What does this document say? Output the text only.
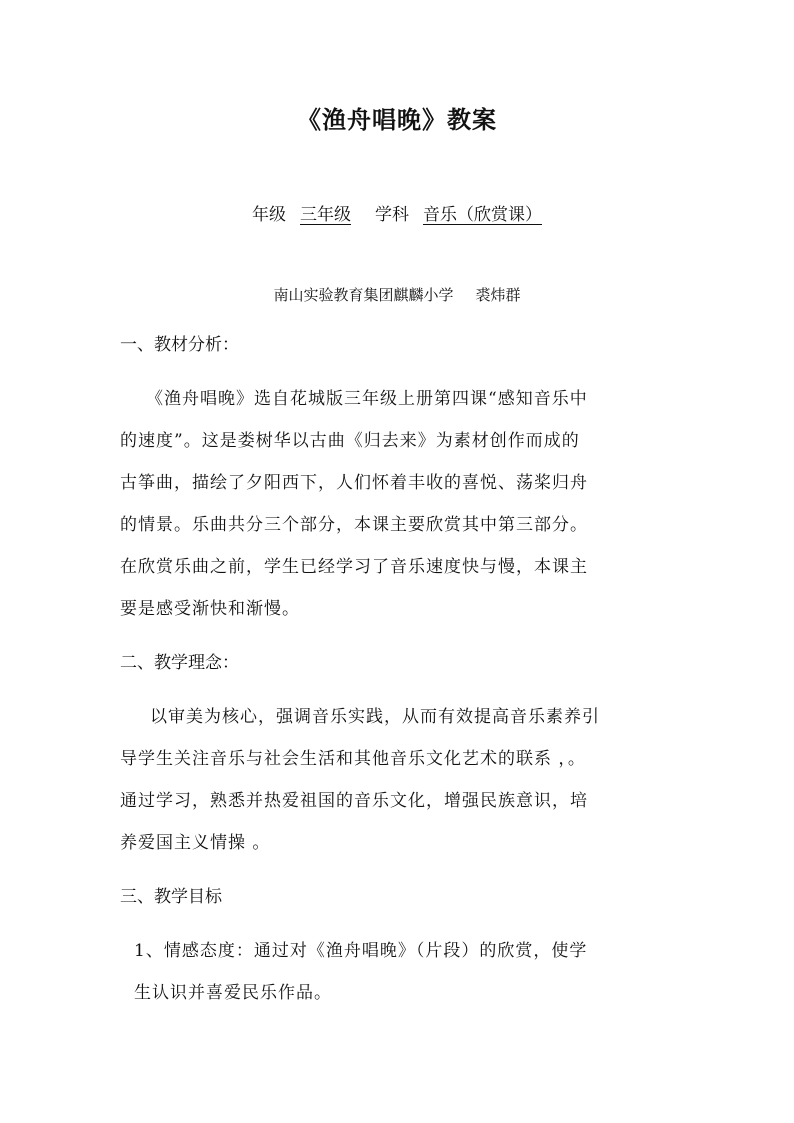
《渔舟唱晚》教案
年级 三年级 学科 音乐（欣赏课）
南山实验教育集团麒麟小学 裘炜群
一、教材分析：
《渔舟唱晚》选自花城版三年级上册第四课“感知音乐中
的速度”。这是娄树华以古曲《归去来》为素材创作而成的
古筝曲，描绘了夕阳西下，人们怀着丰收的喜悦、荡桨归舟
的情景。乐曲共分三个部分，本课主要欣赏其中第三部分。
在欣赏乐曲之前，学生已经学习了音乐速度快与慢，本课主
要是感受渐快和渐慢。
二、教学理念：
以审美为核心，强调音乐实践，从而有效提高音乐素养引
导学生关注音乐与社会生活和其他音乐文化艺术的联系 ，。
通过学习，熟悉并热爱祖国的音乐文化，增强民族意识，培
养爱国主义情操 。
三、教学目标
1、情感态度：通过对《渔舟唱晚》（片段）的欣赏，使学
生认识并喜爱民乐作品。
